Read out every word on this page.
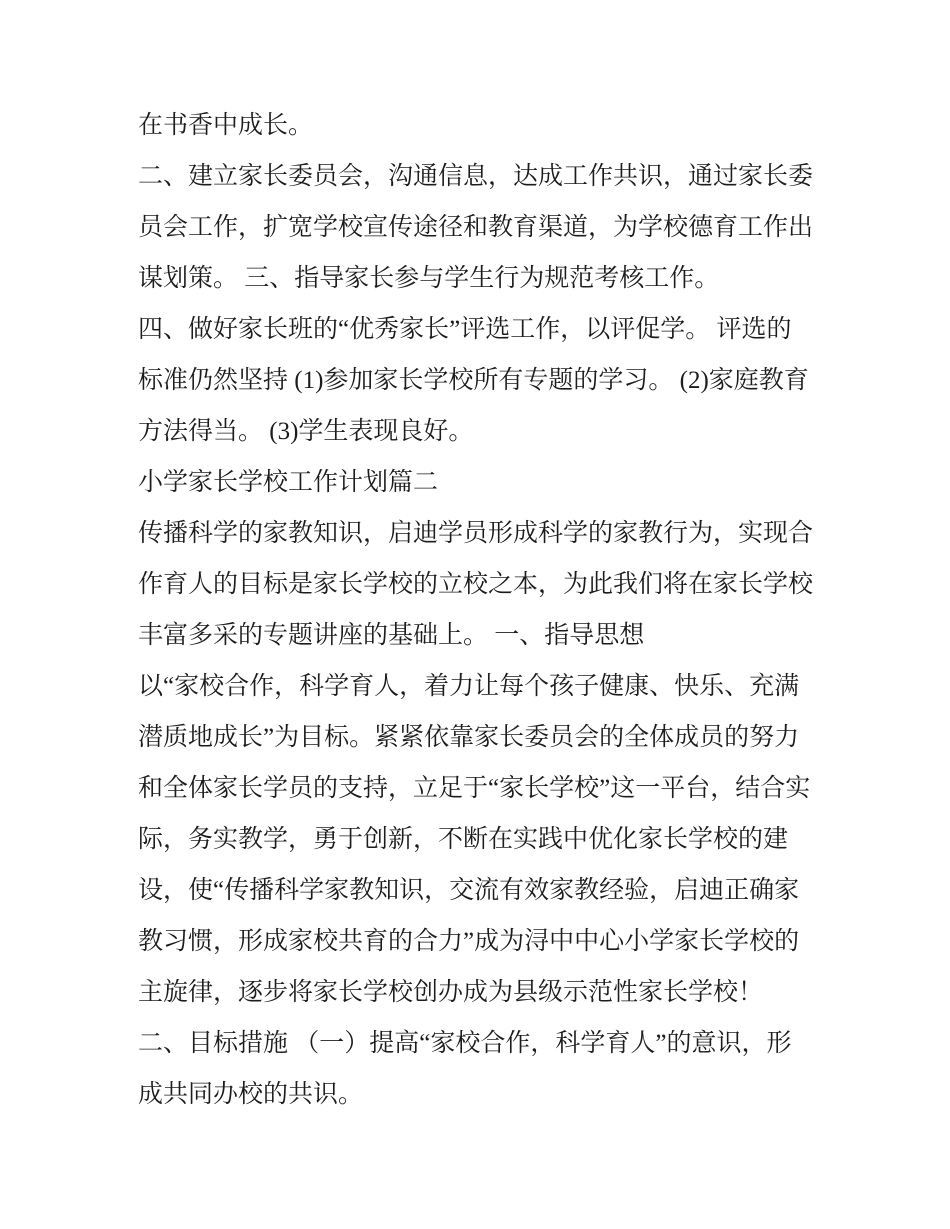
在书香中成长。
二、建立家长委员会，沟通信息，达成工作共识，通过家长委
员会工作，扩宽学校宣传途径和教育渠道，为学校德育工作出
谋划策。 三、指导家长参与学生行为规范考核工作。
四、做好家长班的“优秀家长”评选工作，以评促学。 评选的
标准仍然坚持 (1)参加家长学校所有专题的学习。 (2)家庭教育
方法得当。 (3)学生表现良好。
小学家长学校工作计划篇二
传播科学的家教知识，启迪学员形成科学的家教行为，实现合
作育人的目标是家长学校的立校之本，为此我们将在家长学校
丰富多采的专题讲座的基础上。 一、指导思想
以“家校合作，科学育人，着力让每个孩子健康、快乐、充满
潜质地成长”为目标。紧紧依靠家长委员会的全体成员的努力
和全体家长学员的支持，立足于“家长学校”这一平台，结合实
际，务实教学，勇于创新，不断在实践中优化家长学校的建
设，使“传播科学家教知识，交流有效家教经验，启迪正确家
教习惯，形成家校共育的合力”成为浔中中心小学家长学校的
主旋律，逐步将家长学校创办成为县级示范性家长学校！
二、目标措施 （一）提高“家校合作，科学育人”的意识，形
成共同办校的共识。
